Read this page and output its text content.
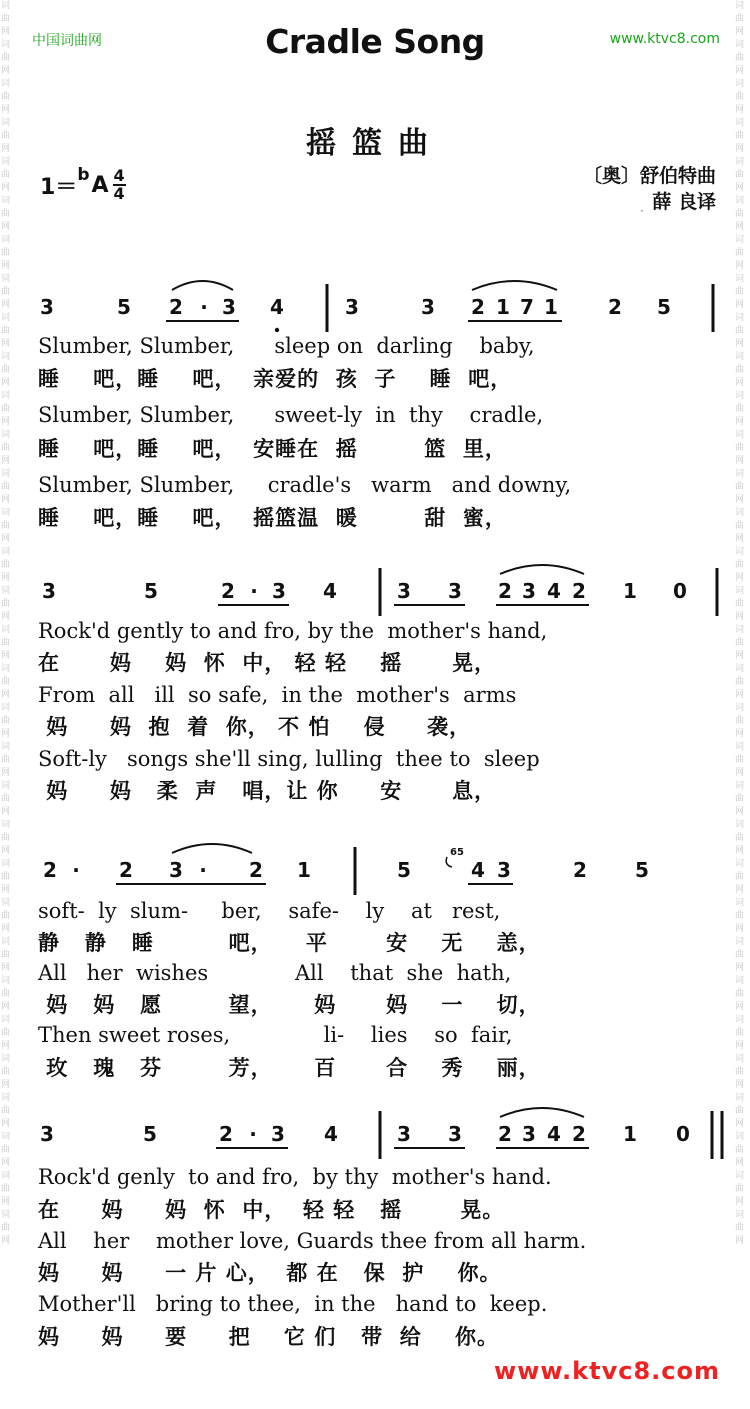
词曲网词曲网词曲网词曲网词曲网词曲网词曲网词曲网词曲网词曲网词曲网词曲网词曲网词曲网词曲网词曲网词曲网词曲网词曲网词曲网词曲网词曲网词曲网词曲网词曲网词曲网词曲网词曲网词曲网词曲网词曲网词曲网
词曲网词曲网词曲网词曲网词曲网词曲网词曲网词曲网词曲网词曲网词曲网词曲网词曲网词曲网词曲网词曲网词曲网词曲网词曲网词曲网词曲网词曲网词曲网词曲网词曲网词曲网词曲网词曲网词曲网词曲网词曲网词曲网
中国词曲网	www.ktvc8.com
Cradle Song
摇篮曲
1＝ b A $\frac{4}{4}$	〔奥〕舒伯特曲
薛 良译
·
3	5 2 · 3 4	3	3 2 1 7 1	2 5
3	5	2 · 3 4	3 3 2 3 4 2 1 0
2 · 2 3 · 2 1	5
65
4 3	2 5
3	5	2 · 3 4	3 3 2 3 4 2 1 0
Slumber, Slumber,      sleep on  darling    baby,
睡    吧，睡    吧，  亲爱的  孩  子    睡  吧，
Slumber, Slumber,      sweet-ly  in  thy    cradle,
睡    吧，睡    吧，  安睡在  摇        篮  里，
Slumber, Slumber,     cradle's   warm   and downy,
睡    吧，睡    吧，  摇篮温  暖        甜  蜜，
Rock'd gently to and fro, by the  mother's hand,
在      妈    妈  怀  中， 轻 轻    摇      晃，
From  all   ill  so safe,  in the  mother's  arms
妈     妈  抱  着  你， 不 怕    侵     袭，
Soft-ly   songs she'll sing, lulling  thee to  sleep
妈     妈   柔  声   唱，让 你     安      息，
soft-  ly  slum-     ber,    safe-    ly    at   rest,
静   静   睡         吧，    平       安    无    恙，
All   her  wishes             All    that  she  hath,
妈   妈   愿        望，     妈      妈    一    切，
Then sweet roses,              li-    lies    so  fair,
玫   瑰   芬        芳，     百      合    秀    丽，
Rock'd genly  to and fro,  by thy  mother's hand.
在     妈     妈  怀  中，  轻 轻   摇       晃。
All    her    mother love, Guards thee from all harm.
妈     妈     一 片 心，  都 在   保  护    你。
Mother'll   bring to thee,  in the   hand to  keep.
妈     妈     要     把    它 们   带  给    你。
www.ktvc8.com
